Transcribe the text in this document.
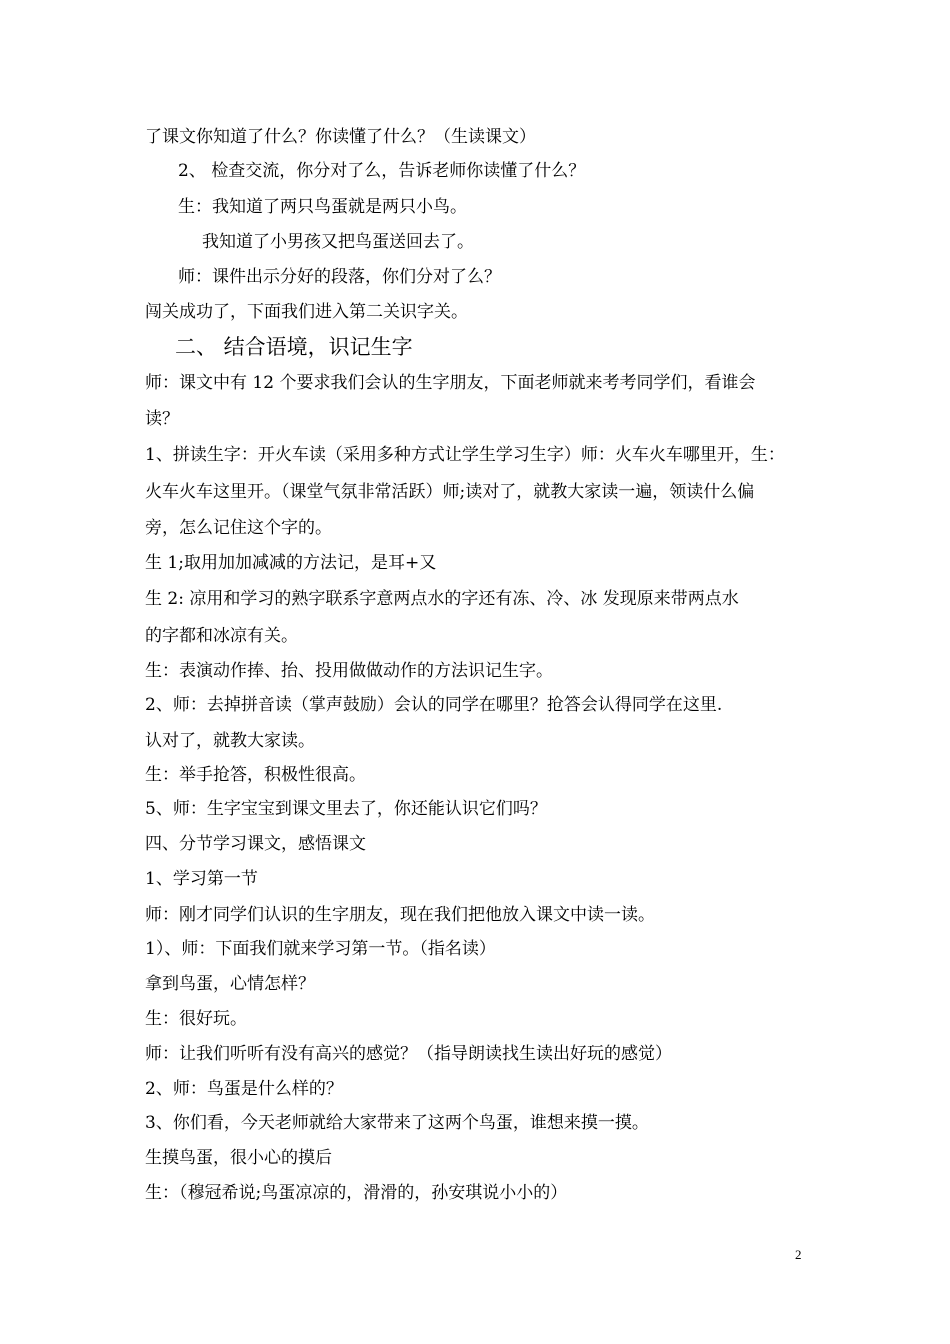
了课文你知道了什么？你读懂了什么？（生读课文）
2、 检查交流，你分对了么，告诉老师你读懂了什么？
生：我知道了两只鸟蛋就是两只小鸟。
我知道了小男孩又把鸟蛋送回去了。
师：课件出示分好的段落，你们分对了么？
闯关成功了，下面我们进入第二关识字关。
二、 结合语境，识记生字
师：课文中有 12 个要求我们会认的生字朋友，下面老师就来考考同学们，看谁会
读？
1、拼读生字：开火车读（采用多种方式让学生学习生字）师：火车火车哪里开，生：
火车火车这里开。（课堂气氛非常活跃）师;读对了，就教大家读一遍，领读什么偏
旁，怎么记住这个字的。
生 1;取用加加减减的方法记，是耳+又
生 2: 凉用和学习的熟字联系字意两点水的字还有冻、冷、冰 发现原来带两点水
的字都和冰凉有关。
生：表演动作捧、抬、投用做做动作的方法识记生字。
2、师：去掉拼音读（掌声鼓励）会认的同学在哪里？抢答会认得同学在这里.
认对了，就教大家读。
生：举手抢答，积极性很高。
5、师：生字宝宝到课文里去了，你还能认识它们吗？
四、分节学习课文，感悟课文
1、学习第一节
师：刚才同学们认识的生字朋友，现在我们把他放入课文中读一读。
1）、师：下面我们就来学习第一节。（指名读）
拿到鸟蛋，心情怎样？
生：很好玩。
师：让我们听听有没有高兴的感觉？（指导朗读找生读出好玩的感觉）
2、师：鸟蛋是什么样的？
3、你们看，今天老师就给大家带来了这两个鸟蛋，谁想来摸一摸。
生摸鸟蛋，很小心的摸后
生：（穆冠希说;鸟蛋凉凉的，滑滑的，孙安琪说小小的）
2
